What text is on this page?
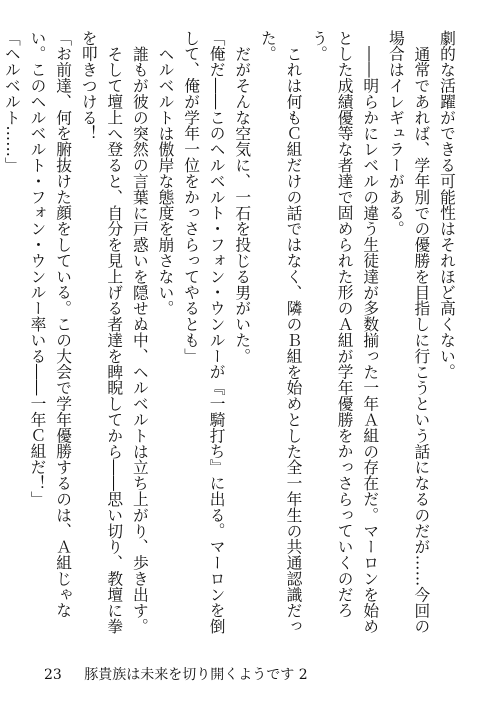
劇的な活躍ができる可能性はそれほど高くない。

通常であれば、学年別での優勝を目指しに行こうという話になるのだが……今回の場合はイレギュラーがある。

――明らかにレベルの違う生徒達が多数揃った一年Ａ組の存在だ。マーロンを始めとした成績優等な者達で固められた形のＡ組が学年優勝をかっさらっていくのだろう。

これは何もＣ組だけの話ではなく、隣のＢ組を始めとした全一年生の共通認識だった。

だがそんな空気に、一石を投じる男がいた。

「俺だ――このヘルベルト・フォン・ウンルーが『一騎打ち』に出る。マーロンを倒して、俺が学年一位をかっさらってやるとも」

ヘルベルトは傲岸な態度を崩さない。

誰もが彼の突然の言葉に戸惑いを隠せぬ中、ヘルベルトは立ち上がり、歩き出す。

そして壇上へ登ると、自分を見上げる者達を睥睨してから――思い切り、教壇に拳を叩きつける！

「お前達、何を腑抜けた顔をしている。この大会で学年優勝するのは、Ａ組じゃない。このヘルベルト・フォン・ウンルー率いる――一年Ｃ組だ！」

「ヘルベルト……」

23 豚貴族は未来を切り開くようです 2
